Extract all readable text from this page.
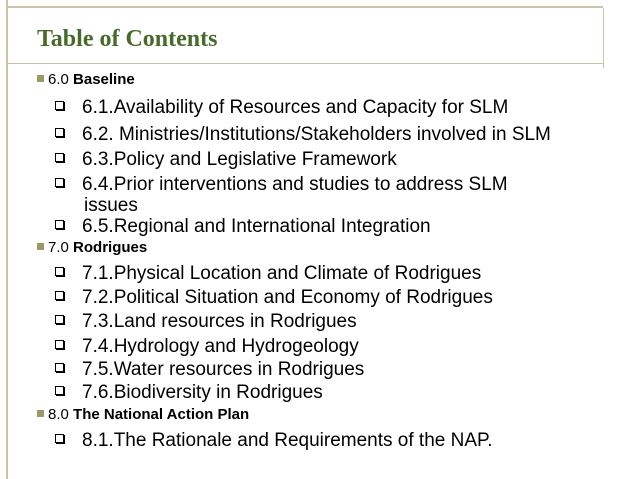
Table of Contents
6.0 Baseline
6.1.Availability of Resources and Capacity for SLM
6.2. Ministries/Institutions/Stakeholders involved in SLM
6.3.Policy and Legislative Framework
6.4.Prior interventions and studies to address SLM
issues
6.5.Regional and International Integration
7.0 Rodrigues
7.1.Physical Location and Climate of Rodrigues
7.2.Political Situation and Economy of Rodrigues
7.3.Land resources in Rodrigues
7.4.Hydrology and Hydrogeology
7.5.Water resources in Rodrigues
7.6.Biodiversity in Rodrigues
8.0 The National Action Plan
8.1.The Rationale and Requirements of the NAP.
